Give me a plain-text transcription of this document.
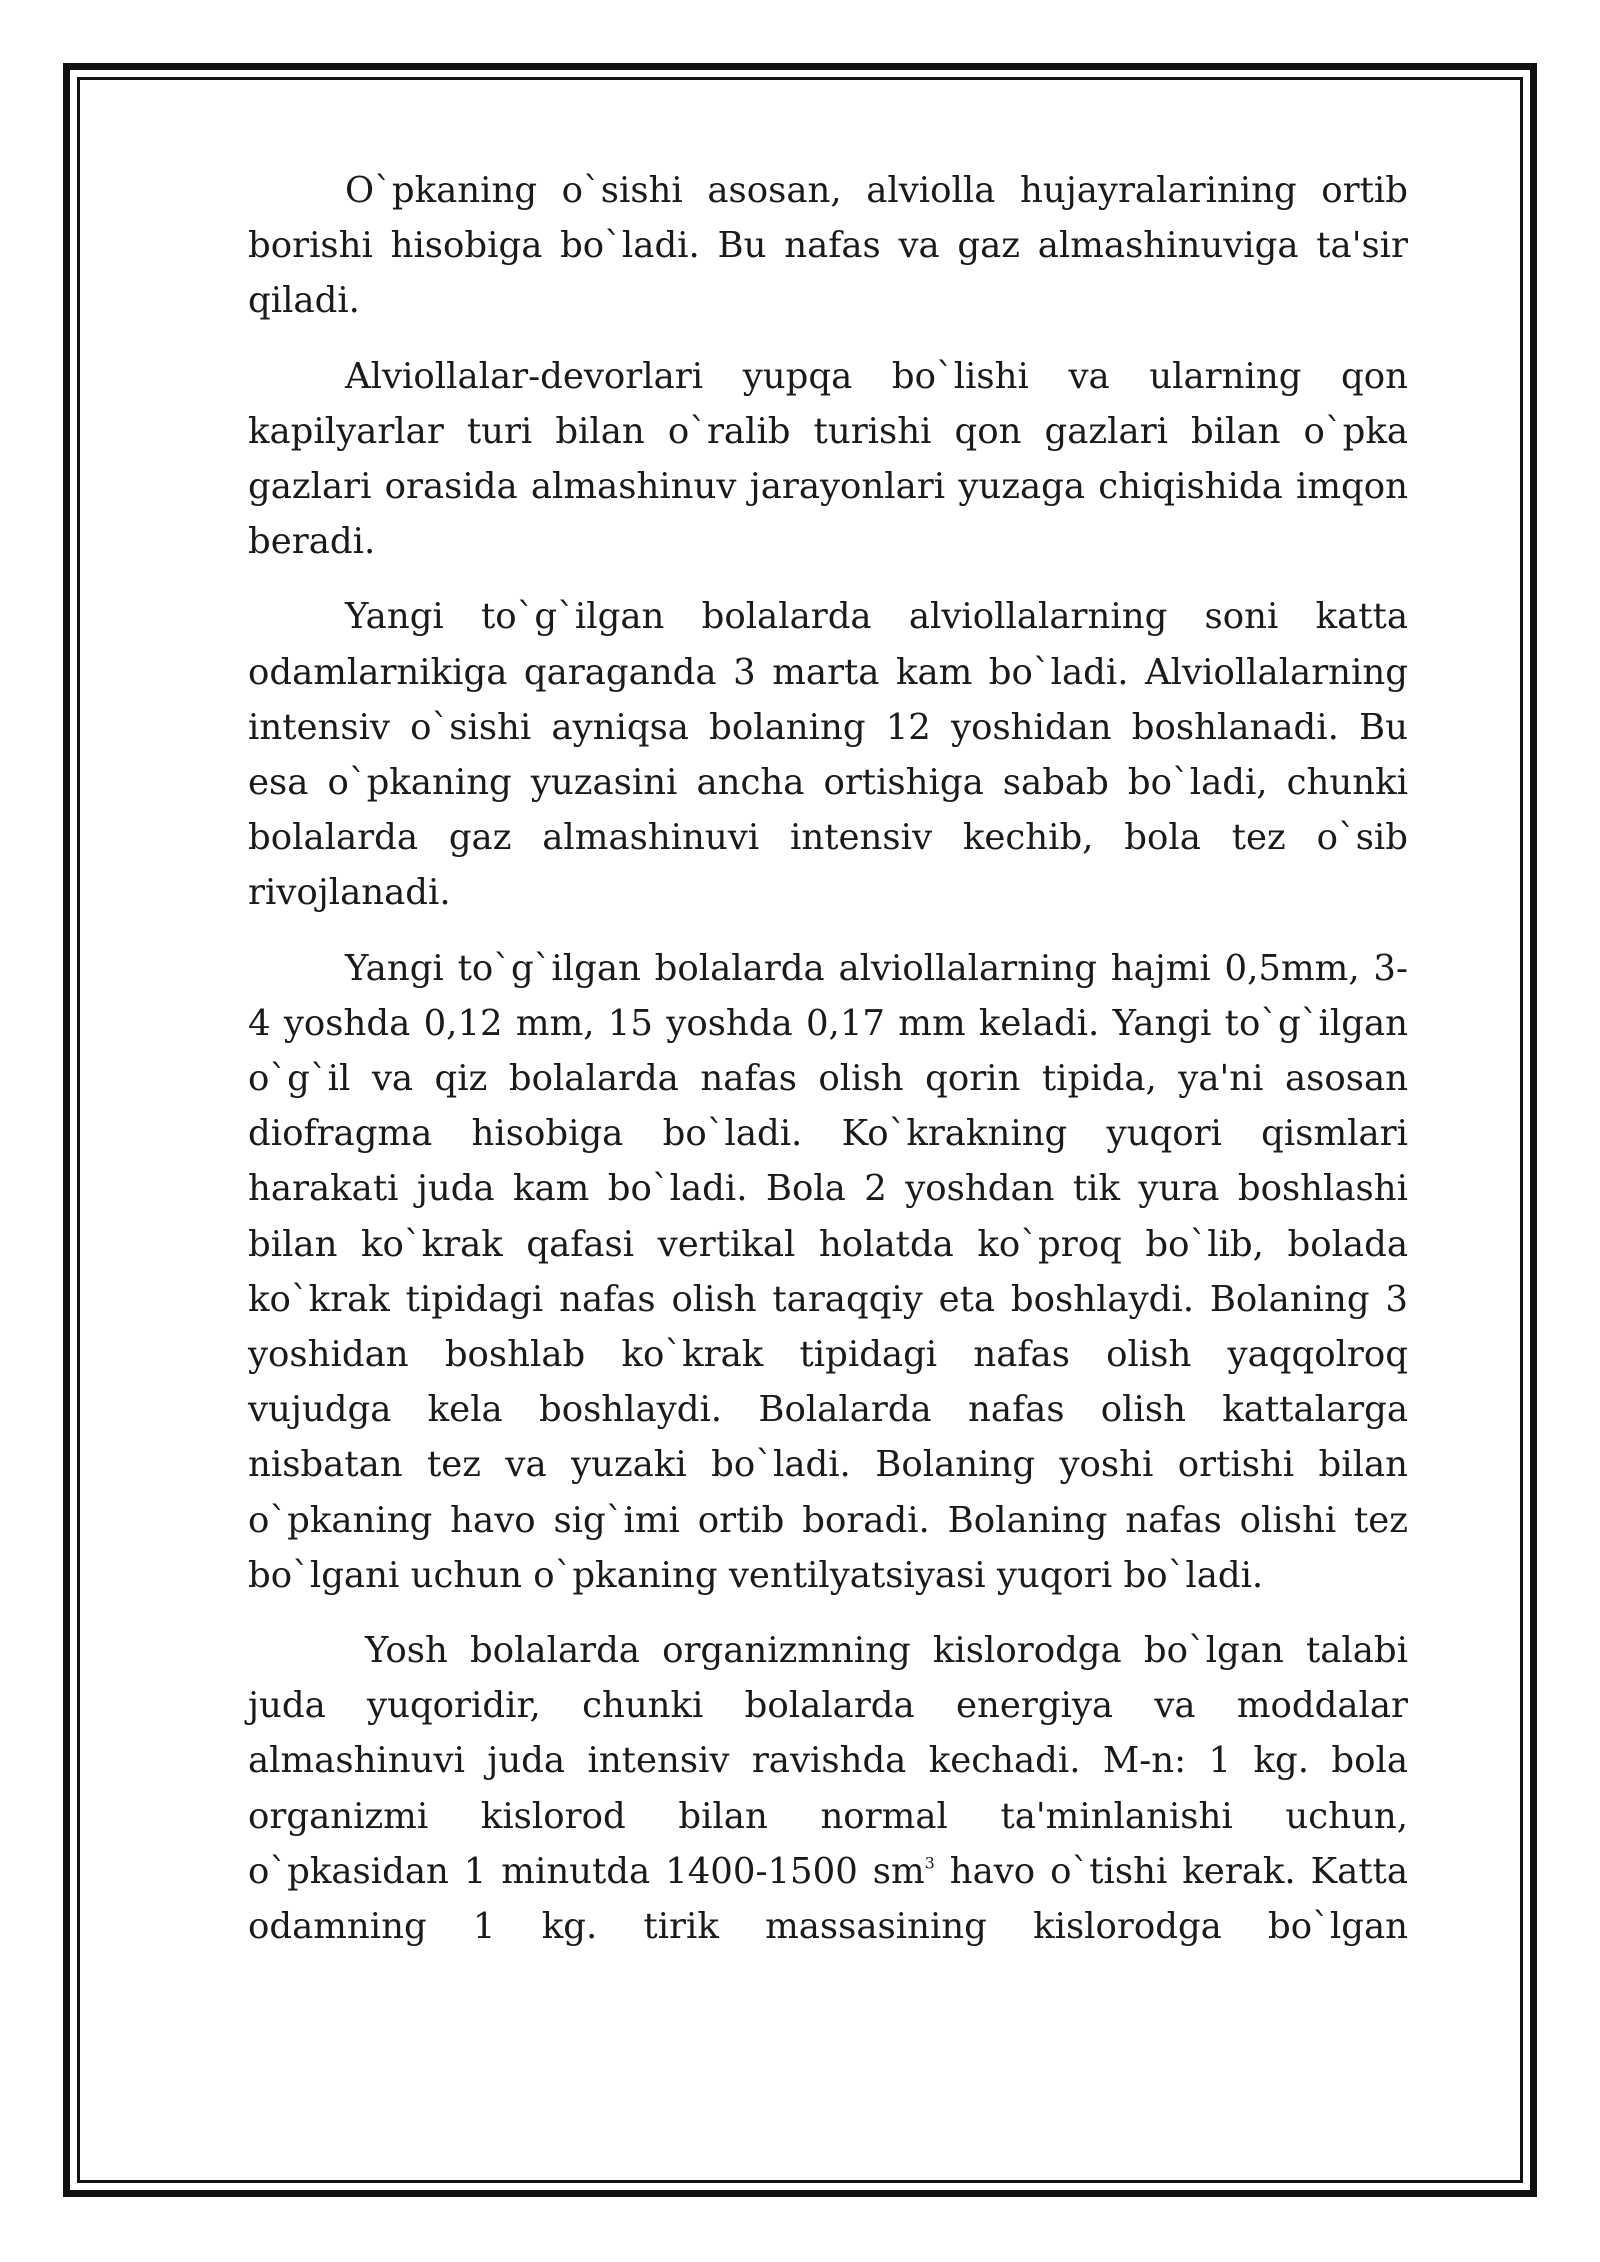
O`pkaning o`sishi asosan, alviolla hujayralarining ortib borishi hisobiga bo`ladi. Bu nafas va gaz almashinuviga ta'sir qiladi.

Alviollalar-devorlari yupqa bo`lishi va ularning qon kapilyarlar turi bilan o`ralib turishi qon gazlari bilan o`pka gazlari orasida almashinuv jarayonlari yuzaga chiqishida imqon beradi.

Yangi to`g`ilgan bolalarda alviollalarning soni katta odamlarnikiga qaraganda 3 marta kam bo`ladi. Alviollalarning intensiv o`sishi ayniqsa bolaning 12 yoshidan boshlanadi. Bu esa o`pkaning yuzasini ancha ortishiga sabab bo`ladi, chunki bolalarda gaz almashinuvi intensiv kechib, bola tez o`sib rivojlanadi.

Yangi to`g`ilgan bolalarda alviollalarning hajmi 0,5mm, 3-4 yoshda 0,12 mm, 15 yoshda 0,17 mm keladi. Yangi to`g`ilgan o`g`il va qiz bolalarda nafas olish qorin tipida, ya'ni asosan diofragma hisobiga bo`ladi. Ko`krakning yuqori qismlari harakati juda kam bo`ladi. Bola 2 yoshdan tik yura boshlashi bilan ko`krak qafasi vertikal holatda ko`proq bo`lib, bolada ko`krak tipidagi nafas olish taraqqiy eta boshlaydi. Bolaning 3 yoshidan boshlab ko`krak tipidagi nafas olish yaqqolroq vujudga kela boshlaydi. Bolalarda nafas olish kattalarga nisbatan tez va yuzaki bo`ladi. Bolaning yoshi ortishi bilan o`pkaning havo sig`imi ortib boradi. Bolaning nafas olishi tez bo`lgani uchun o`pkaning ventilyatsiyasi yuqori bo`ladi.

Yosh bolalarda organizmning kislorodga bo`lgan talabi juda yuqoridir, chunki bolalarda energiya va moddalar almashinuvi juda intensiv ravishda kechadi. M-n: 1 kg. bola organizmi kislorod bilan normal ta'minlanishi uchun, o`pkasidan 1 minutda 1400-1500 $sm^3$ havo o`tishi kerak. Katta odamning 1 kg. tirik massasining kislorodga bo`lgan
